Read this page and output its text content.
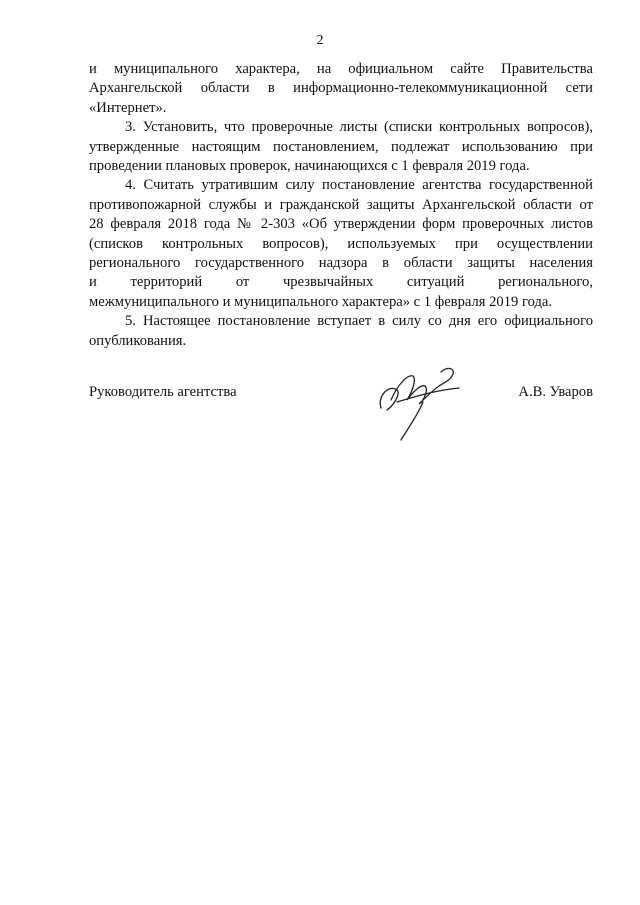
2

и муниципального характера, на официальном сайте Правительства
Архангельской области в информационно-телекоммуникационной сети
«Интернет».

3. Установить, что проверочные листы (списки контрольных вопросов),
утвержденные настоящим постановлением, подлежат использованию при
проведении плановых проверок, начинающихся с 1 февраля 2019 года.

4. Считать утратившим силу постановление агентства государственной
противопожарной службы и гражданской защиты Архангельской области от
28 февраля 2018 года № 2-303 «Об утверждении форм проверочных листов
(списков контрольных вопросов), используемых при осуществлении
регионального государственного надзора в области защиты населения
и территорий от чрезвычайных ситуаций регионального,
межмуниципального и муниципального характера» с 1 февраля 2019 года.

5. Настоящее постановление вступает в силу со дня его официального
опубликования.

Руководитель агентства	А.В. Уваров
